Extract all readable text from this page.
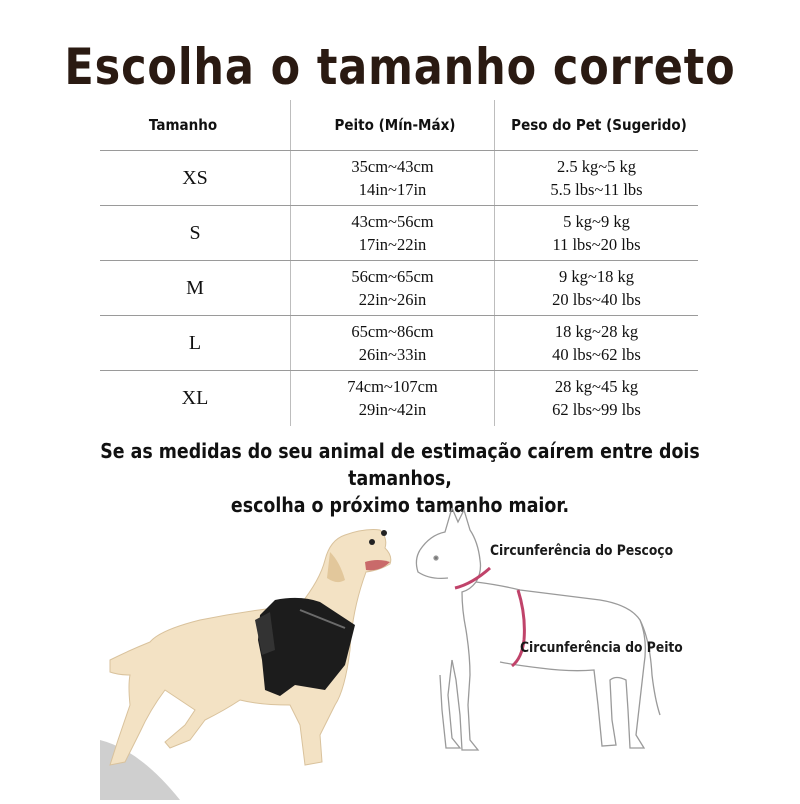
Escolha o tamanho correto
Tamanho	Peito (Mín-Máx)	Peso do Pet (Sugerido)
XS
35cm~43cm
14in~17in
2.5 kg~5 kg
5.5 lbs~11 lbs
S
43cm~56cm
17in~22in
5 kg~9 kg
11 lbs~20 lbs
M
56cm~65cm
22in~26in
9 kg~18 kg
20 lbs~40 lbs
L
65cm~86cm
26in~33in
18 kg~28 kg
40 lbs~62 lbs
XL
74cm~107cm
29in~42in
28 kg~45 kg
62 lbs~99 lbs
Se as medidas do seu animal de estimação caírem entre dois tamanhos,
escolha o próximo tamanho maior.
Circunferência do Pescoço
Circunferência do Peito
